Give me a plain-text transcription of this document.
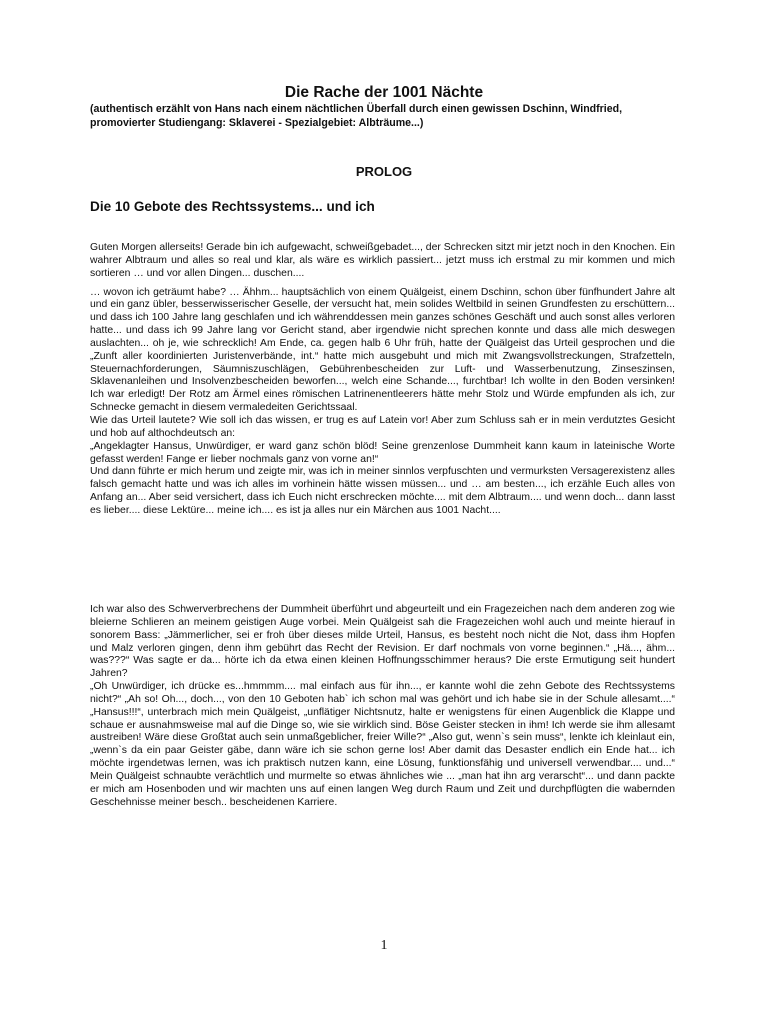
Die Rache der 1001 Nächte
(authentisch erzählt von Hans nach einem nächtlichen Überfall durch einen gewissen Dschinn, Windfried, promovierter Studiengang: Sklaverei - Spezialgebiet: Albträume...)
PROLOG
Die 10 Gebote des Rechtssystems... und ich

Guten Morgen allerseits! Gerade bin ich aufgewacht, schweißgebadet..., der Schrecken sitzt mir jetzt noch in den Knochen. Ein wahrer Albtraum und alles so real und klar, als wäre es wirklich passiert... jetzt muss ich erstmal zu mir kommen und mich sortieren … und vor allen Dingen... duschen....

… wovon ich geträumt habe? … Ähhm... hauptsächlich von einem Quälgeist, einem Dschinn, schon über fünfhundert Jahre alt und ein ganz übler, besserwisserischer Geselle, der versucht hat, mein solides Weltbild in seinen Grundfesten zu erschüttern... und dass ich 100 Jahre lang geschlafen und ich währenddessen mein ganzes schönes Geschäft und auch sonst alles verloren hatte... und dass ich 99 Jahre lang vor Gericht stand, aber irgendwie nicht sprechen konnte und dass alle mich deswegen auslachten... oh je, wie schrecklich! Am Ende, ca. gegen halb 6 Uhr früh, hatte der Quälgeist das Urteil gesprochen und die „Zunft aller koordinierten Juristenverbände, int.“ hatte mich ausgebuht und mich mit Zwangsvollstreckungen, Strafzetteln, Steuernachforderungen, Säumniszuschlägen, Gebührenbescheiden zur Luft- und Wasserbenutzung, Zinseszinsen, Sklavenanleihen und Insolvenzbescheiden beworfen..., welch eine Schande..., furchtbar! Ich wollte in den Boden versinken! Ich war erledigt! Der Rotz am Ärmel eines römischen Latrinenentleerers hätte mehr Stolz und Würde empfunden als ich, zur Schnecke gemacht in diesem vermaledeiten Gerichtssaal.

Wie das Urteil lautete? Wie soll ich das wissen, er trug es auf Latein vor! Aber zum Schluss sah er in mein verdutztes Gesicht und hob auf althochdeutsch an:

„Angeklagter Hansus, Unwürdiger, er ward ganz schön blöd! Seine grenzenlose Dummheit kann kaum in lateinische Worte gefasst werden! Fange er lieber nochmals ganz von vorne an!“

Und dann führte er mich herum und zeigte mir, was ich in meiner sinnlos verpfuschten und vermurksten Versagerexistenz alles falsch gemacht hatte und was ich alles im vorhinein hätte wissen müssen... und … am besten..., ich erzähle Euch alles von Anfang an... Aber seid versichert, dass ich Euch nicht erschrecken möchte.... mit dem Albtraum.... und wenn doch... dann lasst es lieber.... diese Lektüre... meine ich.... es ist ja alles nur ein Märchen aus 1001 Nacht....

Ich war also des Schwerverbrechens der Dummheit überführt und abgeurteilt und ein Fragezeichen nach dem anderen zog wie bleierne Schlieren an meinem geistigen Auge vorbei. Mein Quälgeist sah die Fragezeichen wohl auch und meinte hierauf in sonorem Bass: „Jämmerlicher, sei er froh über dieses milde Urteil, Hansus, es besteht noch nicht die Not, dass ihm Hopfen und Malz verloren gingen, denn ihm gebührt das Recht der Revision. Er darf nochmals von vorne beginnen.“ „Hä..., ähm... was???“ Was sagte er da... hörte ich da etwa einen kleinen Hoffnungsschimmer heraus? Die erste Ermutigung seit hundert Jahren?

„Oh Unwürdiger, ich drücke es...hmmmm.... mal einfach aus für ihn..., er kannte wohl die zehn Gebote des Rechtssystems nicht?“ „Ah so! Oh..., doch..., von den 10 Geboten hab` ich schon mal was gehört und ich habe sie in der Schule allesamt....“ „Hansus!!!“, unterbrach mich mein Quälgeist, „unflätiger Nichtsnutz, halte er wenigstens für einen Augenblick die Klappe und schaue er ausnahmsweise mal auf die Dinge so, wie sie wirklich sind. Böse Geister stecken in ihm! Ich werde sie ihm allesamt austreiben! Wäre diese Großtat auch sein unmaßgeblicher, freier Wille?“ „Also gut, wenn`s sein muss“, lenkte ich kleinlaut ein, „wenn`s da ein paar Geister gäbe, dann wäre ich sie schon gerne los! Aber damit das Desaster endlich ein Ende hat... ich möchte irgendetwas lernen, was ich praktisch nutzen kann, eine Lösung, funktionsfähig und universell verwendbar.... und...“ Mein Quälgeist schnaubte verächtlich und murmelte so etwas ähnliches wie ... „man hat ihn arg verarscht“... und dann packte er mich am Hosenboden und wir machten uns auf einen langen Weg durch Raum und Zeit und durchpflügten die wabernden Geschehnisse meiner besch.. bescheidenen Karriere.

1
